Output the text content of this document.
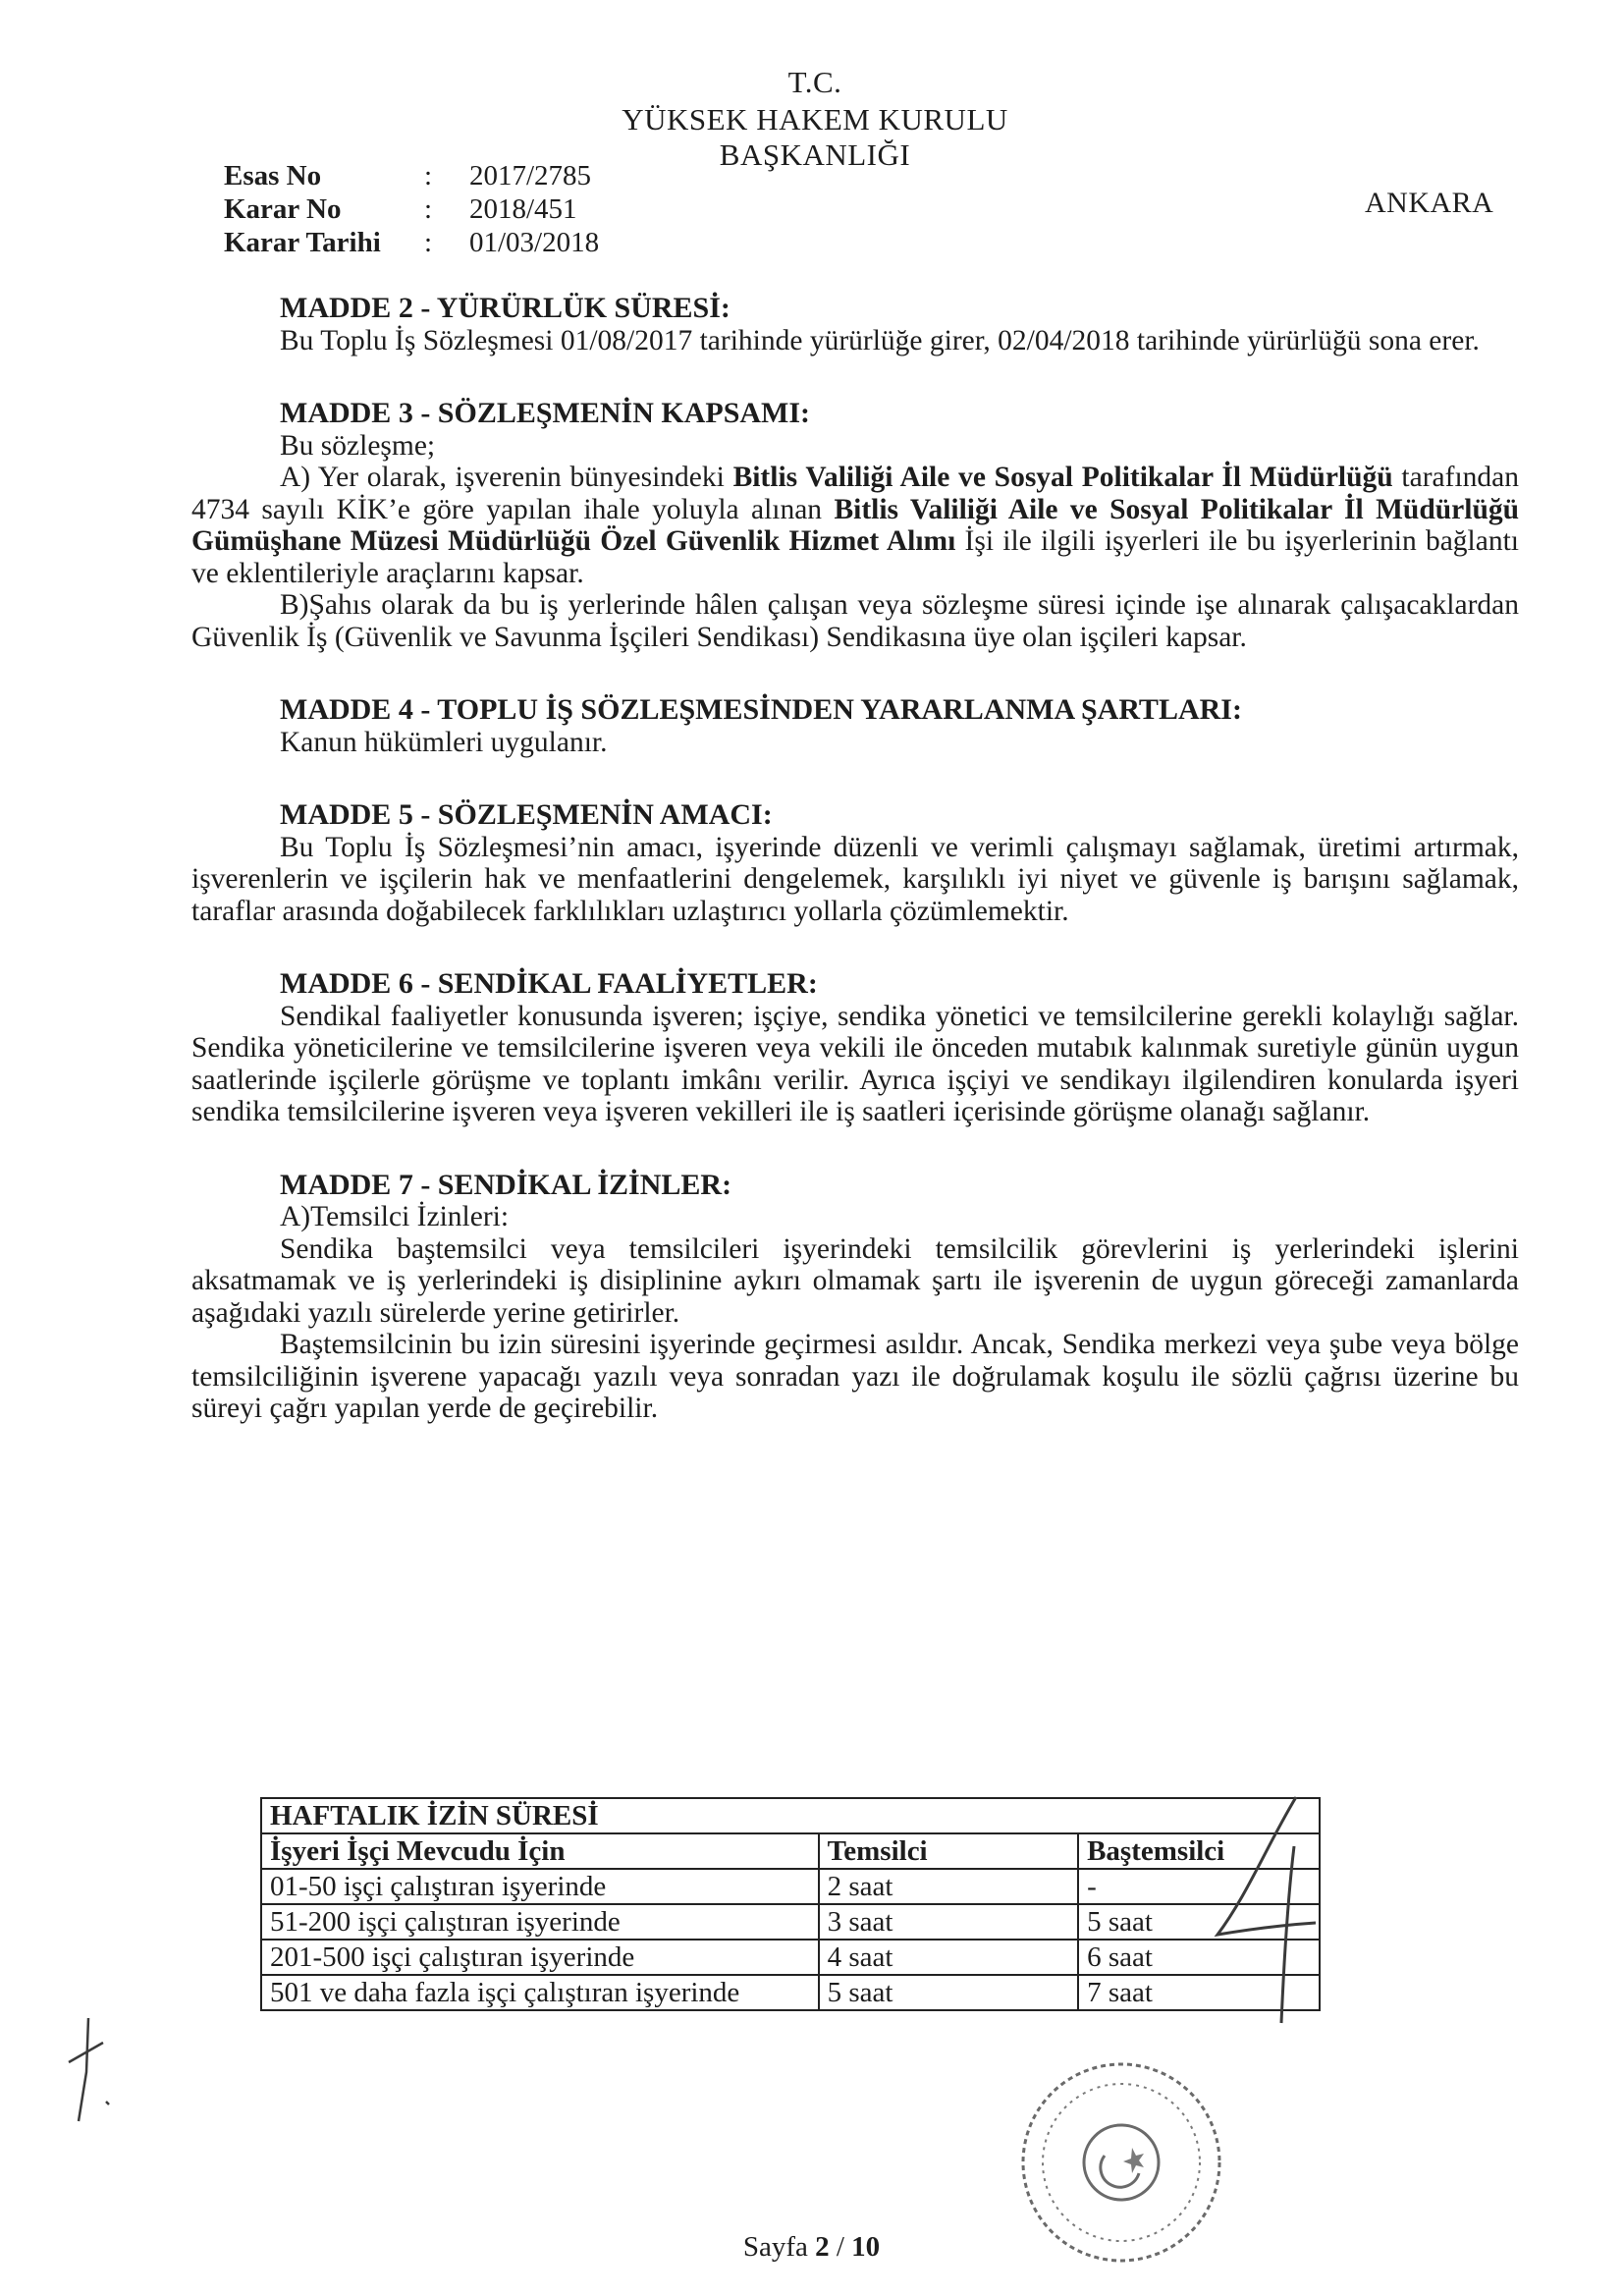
T.C.
YÜKSEK HAKEM KURULU
BAŞKANLIĞI
Esas No	:	2017/2785
Karar No	:	2018/451
Karar Tarihi	:	01/03/2018
ANKARA
MADDE 2 - YÜRÜRLÜK SÜRESİ:

Bu Toplu İş Sözleşmesi 01/08/2017 tarihinde yürürlüğe girer, 02/04/2018 tarihinde yürürlüğü sona erer.

MADDE 3 - SÖZLEŞMENİN KAPSAMI:

Bu sözleşme;

A) Yer olarak, işverenin bünyesindeki Bitlis Valiliği Aile ve Sosyal Politikalar İl Müdürlüğü tarafından 4734 sayılı KİK’e göre yapılan ihale yoluyla alınan Bitlis Valiliği Aile ve Sosyal Politikalar İl Müdürlüğü Gümüşhane Müzesi Müdürlüğü Özel Güvenlik Hizmet Alımı İşi ile ilgili işyerleri ile bu işyerlerinin bağlantı ve eklentileriyle araçlarını kapsar.

B)Şahıs olarak da bu iş yerlerinde hâlen çalışan veya sözleşme süresi içinde işe alınarak çalışacaklardan Güvenlik İş (Güvenlik ve Savunma İşçileri Sendikası) Sendikasına üye olan işçileri kapsar.

MADDE 4 - TOPLU İŞ SÖZLEŞMESİNDEN YARARLANMA ŞARTLARI:

Kanun hükümleri uygulanır.

MADDE 5 - SÖZLEŞMENİN AMACI:

Bu Toplu İş Sözleşmesi’nin amacı, işyerinde düzenli ve verimli çalışmayı sağlamak, üretimi artırmak, işverenlerin ve işçilerin hak ve menfaatlerini dengelemek, karşılıklı iyi niyet ve güvenle iş barışını sağlamak, taraflar arasında doğabilecek farklılıkları uzlaştırıcı yollarla çözümlemektir.

MADDE 6 - SENDİKAL FAALİYETLER:

Sendikal faaliyetler konusunda işveren; işçiye, sendika yönetici ve temsilcilerine gerekli kolaylığı sağlar. Sendika yöneticilerine ve temsilcilerine işveren veya vekili ile önceden mutabık kalınmak suretiyle günün uygun saatlerinde işçilerle görüşme ve toplantı imkânı verilir. Ayrıca işçiyi ve sendikayı ilgilendiren konularda işyeri sendika temsilcilerine işveren veya işveren vekilleri ile iş saatleri içerisinde görüşme olanağı sağlanır.

MADDE 7 - SENDİKAL İZİNLER:

A)Temsilci İzinleri:

Sendika baştemsilci veya temsilcileri işyerindeki temsilcilik görevlerini iş yerlerindeki işlerini aksatmamak ve iş yerlerindeki iş disiplinine aykırı olmamak şartı ile işverenin de uygun göreceği zamanlarda aşağıdaki yazılı sürelerde yerine getirirler.

Baştemsilcinin bu izin süresini işyerinde geçirmesi asıldır. Ancak, Sendika merkezi veya şube veya bölge temsilciliğinin işverene yapacağı yazılı veya sonradan yazı ile doğrulamak koşulu ile sözlü çağrısı üzerine bu süreyi çağrı yapılan yerde de geçirebilir.

HAFTALIK İZİN SÜRESİ		
İşyeri İşçi Mevcudu İçin	Temsilci	Baştemsilci
01-50 işçi çalıştıran işyerinde	2 saat	-
51-200 işçi çalıştıran işyerinde	3 saat	5 saat
201-500 işçi çalıştıran işyerinde	4 saat	6 saat
501 ve daha fazla işçi çalıştıran işyerinde	5 saat	7 saat
Sayfa 2 / 10
